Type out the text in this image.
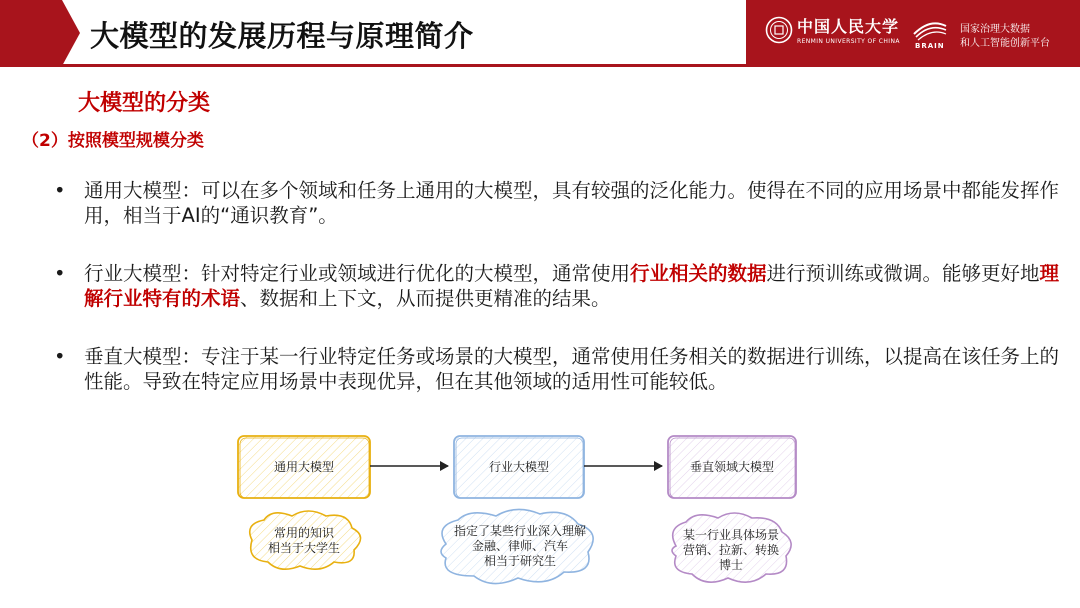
大模型的发展历程与原理简介	中国人民大学
RENMIN UNIVERSITY OF CHINA
BRAIN
国家治理大数据
和人工智能创新平台
大模型的分类
（2）按照模型规模分类
• 通用大模型：可以在多个领域和任务上通用的大模型，具有较强的泛化能力。使得在不同的应用场景中都能发挥作用，相当于AI的“通识教育”。
• 行业大模型：针对特定行业或领域进行优化的大模型，通常使用行业相关的数据进行预训练或微调。能够更好地理解行业特有的术语、数据和上下文，从而提供更精准的结果。
• 垂直大模型：专注于某一行业特定任务或场景的大模型，通常使用任务相关的数据进行训练，以提高在该任务上的性能。导致在特定应用场景中表现优异，但在其他领域的适用性可能较低。
通用大模型	行业大模型	垂直领域大模型
常用的知识
相当于大学生
指定了某些行业深入理解
金融、律师、汽车
相当于研究生
某一行业具体场景
营销、拉新、转换
博士
